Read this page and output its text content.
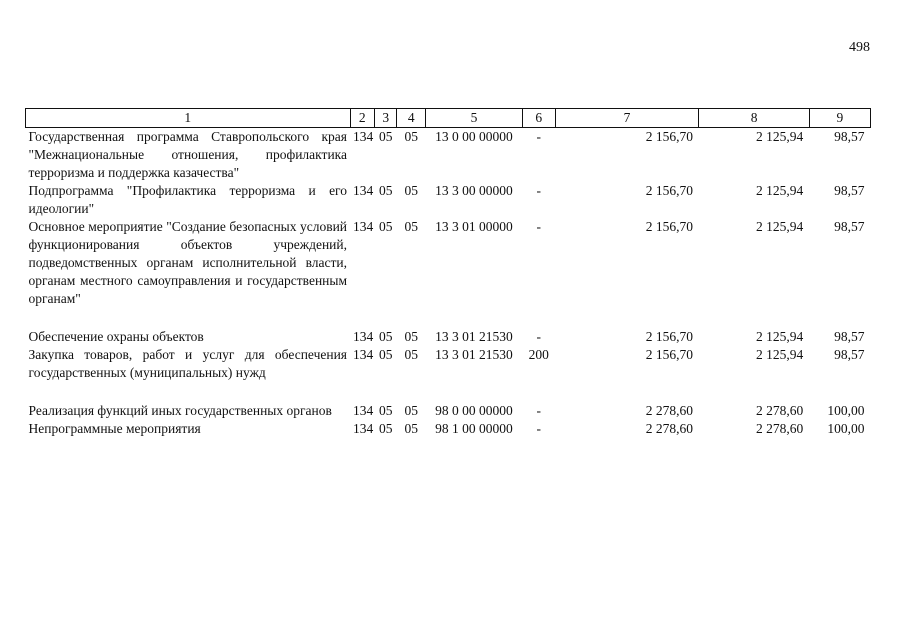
498
1	2	3	4	5	6	7	8	9
Государственная программа Ставропольского края "Межнациональные отношения, профилактика терроризма и поддержка казачества"	134	05	05	13 0 00 00000	-	2 156,70	2 125,94	98,57
Подпрограмма "Профилактика терроризма и его идеологии"	134	05	05	13 3 00 00000	-	2 156,70	2 125,94	98,57
Основное мероприятие "Создание безопасных условий функционирования объектов учреждений, подведомственных органам исполнительной власти, органам местного самоуправления и государственным органам"	134	05	05	13 3 01 00000	-	2 156,70	2 125,94	98,57

Обеспечение охраны объектов	134	05	05	13 3 01 21530	-	2 156,70	2 125,94	98,57
Закупка товаров, работ и услуг для обеспечения государственных (муниципальных) нужд	134	05	05	13 3 01 21530	200	2 156,70	2 125,94	98,57

Реализация функций иных государственных органов	134	05	05	98 0 00 00000	-	2 278,60	2 278,60	100,00
Непрограммные мероприятия	134	05	05	98 1 00 00000	-	2 278,60	2 278,60	100,00
